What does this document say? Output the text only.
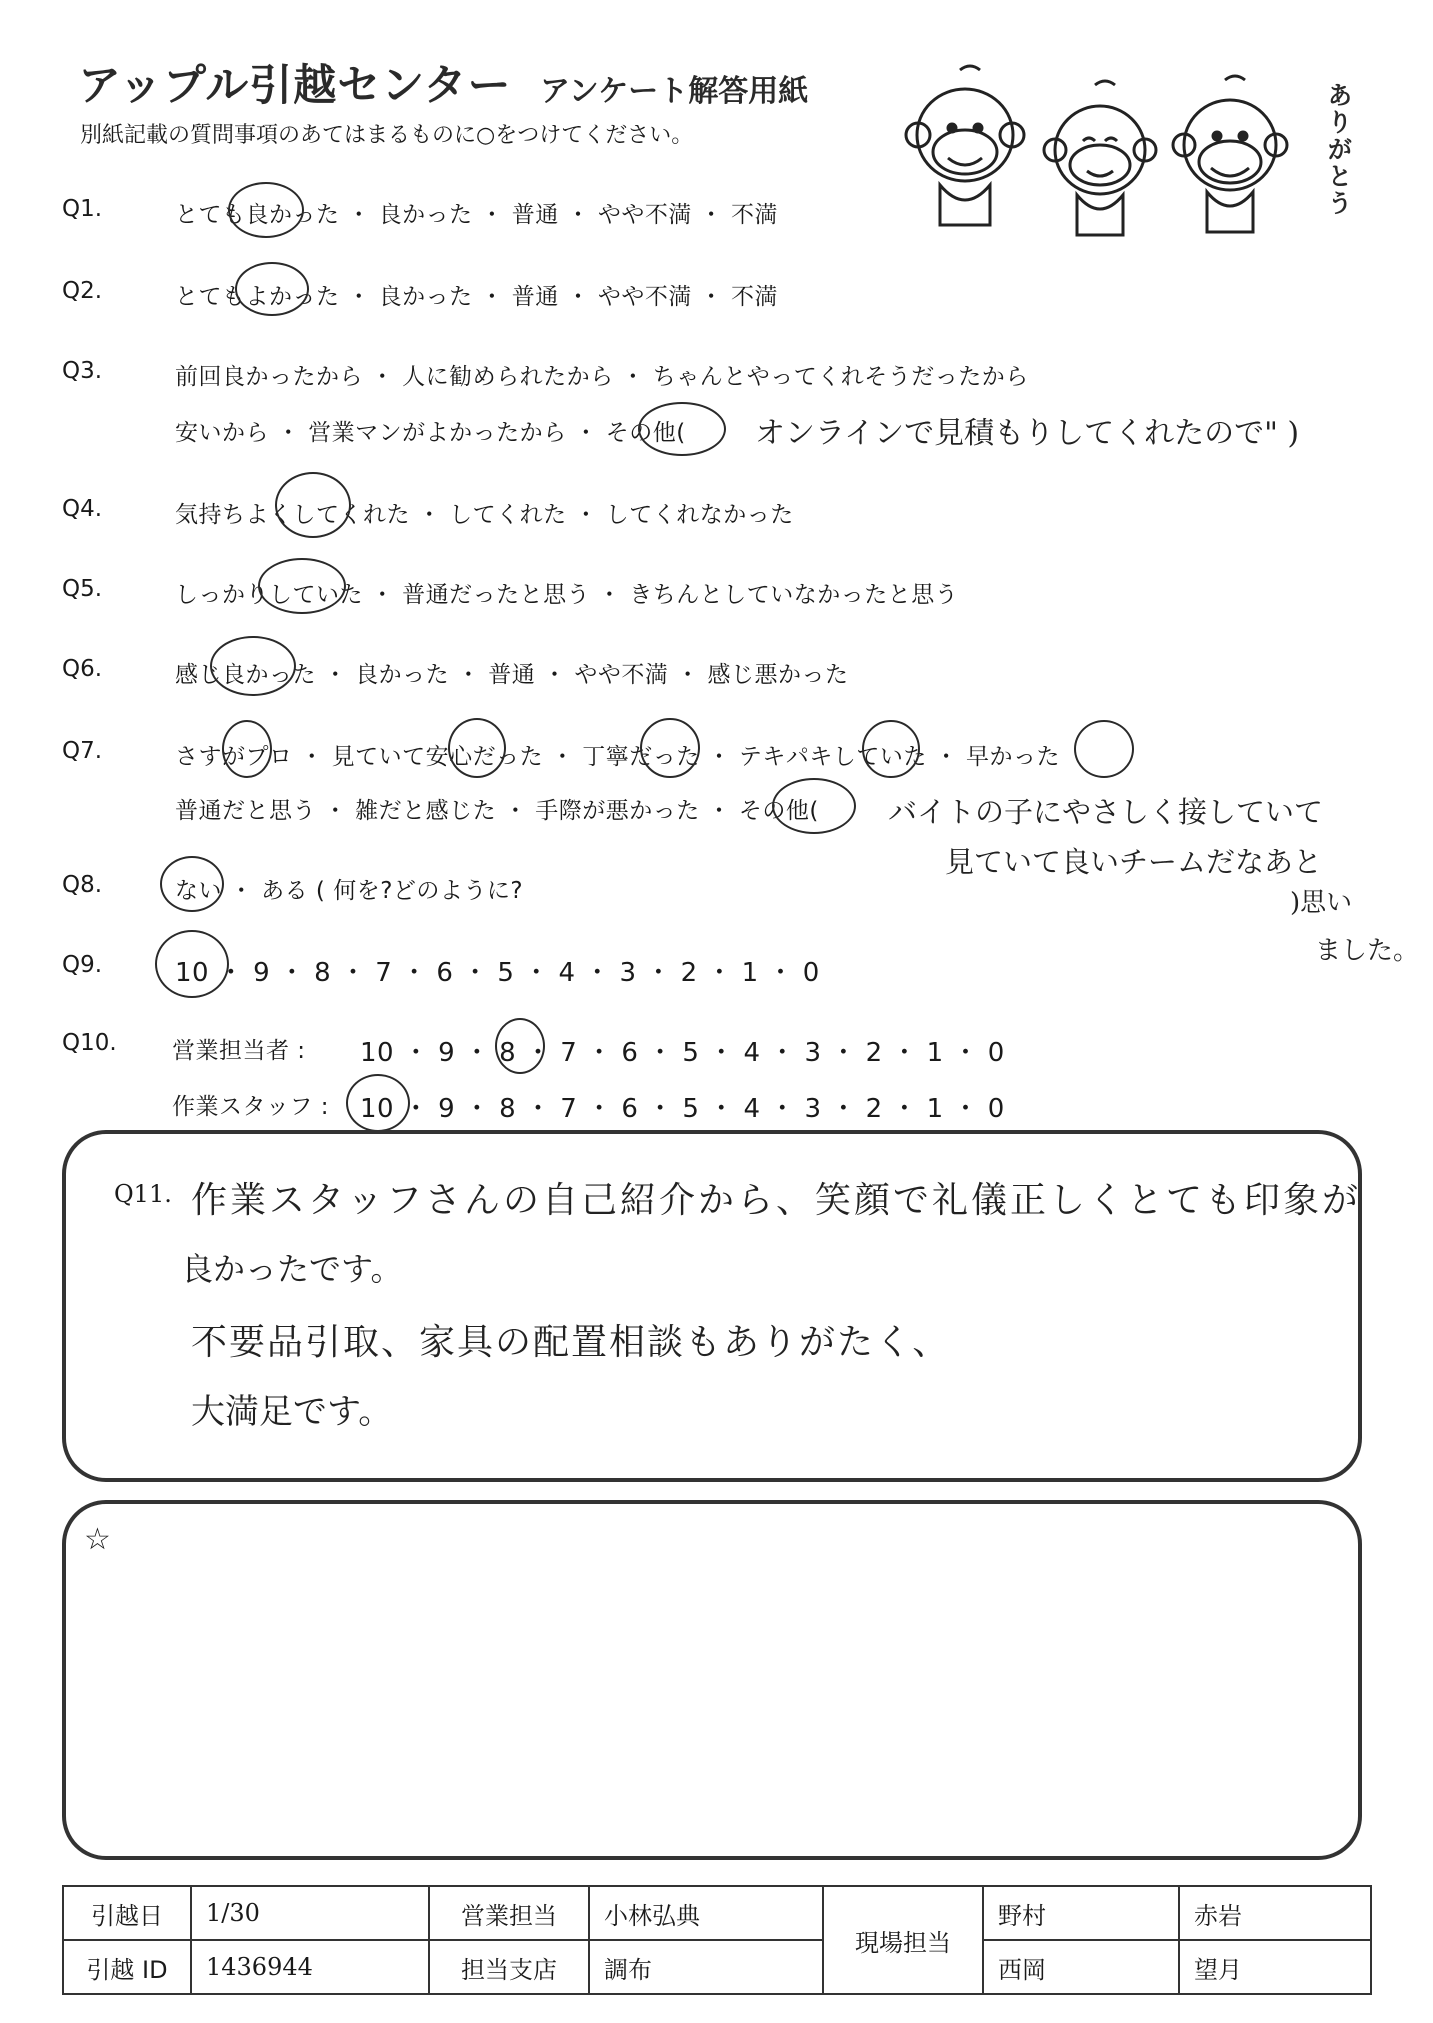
アップル引越センター アンケート解答用紙
別紙記載の質問事項のあてはまるものに○をつけてください。	ありがとう
Q1.	とても良かった ・ 良かった ・ 普通 ・ やや不満 ・ 不満
Q2.	とてもよかった ・ 良かった ・ 普通 ・ やや不満 ・ 不満
Q3.	前回良かったから ・ 人に勧められたから ・ ちゃんとやってくれそうだったから
安いから ・ 営業マンがよかったから ・ その他( オンラインで見積もりしてくれたので" )
Q4.	気持ちよくしてくれた ・ してくれた ・ してくれなかった
Q5.	しっかりしていた ・ 普通だったと思う ・ きちんとしていなかったと思う
Q6.	感じ良かった ・ 良かった ・ 普通 ・ やや不満 ・ 感じ悪かった
Q7.	さすがプロ ・ 見ていて安心だった ・ 丁寧だった ・ テキパキしていた ・ 早かった
普通だと思う ・ 雑だと感じた ・ 手際が悪かった ・ その他( バイトの子にやさしく接していて
見ていて良いチームだなあと
)思い
ました。
Q8.	ない ・ ある ( 何を?どのように?
Q9.	10 ・ 9 ・ 8 ・ 7 ・ 6 ・ 5 ・ 4 ・ 3 ・ 2 ・ 1 ・ 0
Q10. 営業担当者 : 10 ・ 9 ・ 8 ・ 7 ・ 6 ・ 5 ・ 4 ・ 3 ・ 2 ・ 1 ・ 0
作業スタッフ : 10 ・ 9 ・ 8 ・ 7 ・ 6 ・ 5 ・ 4 ・ 3 ・ 2 ・ 1 ・ 0
Q11. 作業スタッフさんの自己紹介から、笑顔で礼儀正しくとても印象が
良かったです。
不要品引取、家具の配置相談もありがたく、
大満足です。
☆
引越日	1/30	営業担当	小林弘典	現場担当	野村	赤岩
引越 ID	1436944	担当支店	調布		西岡	望月
